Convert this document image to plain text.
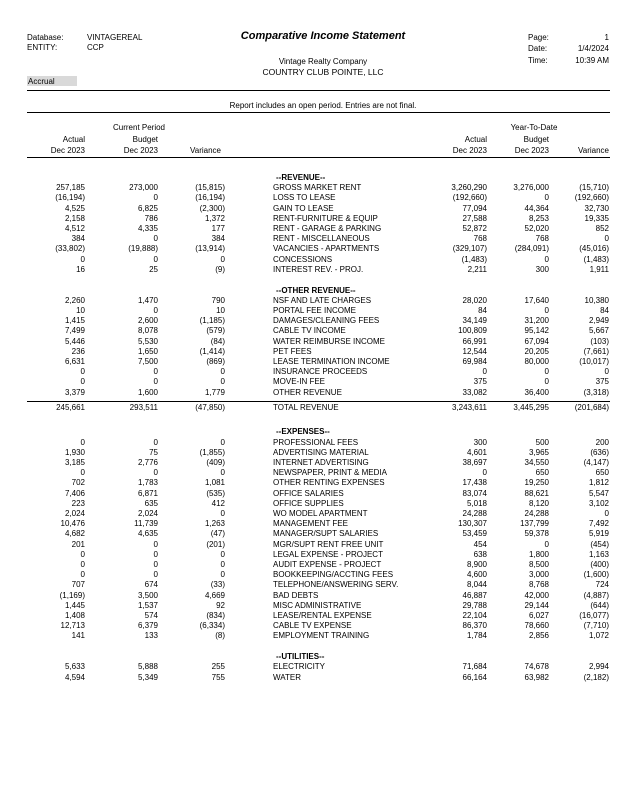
Database:	VINTAGEREAL
ENTITY:	CCP
Comparative Income Statement
Vintage Realty Company
COUNTRY CLUB POINTE, LLC
Page:	1
Date:	1/4/2024
Time:	10:39 AM
Accrual
Report includes an open period. Entries are not final.
Current Period	Year-To-Date
Actual	Budget	Actual	Budget
Dec 2023	Dec 2023	Variance	Dec 2023	Dec 2023	Variance
--REVENUE--
GROSS MARKET RENT
257,185	273,000	(15,815)	3,260,290	3,276,000	(15,710)
LOSS TO LEASE
(16,194)	0	(16,194)	(192,660)	0	(192,660)
GAIN TO LEASE
4,525	6,825	(2,300)	77,094	44,364	32,730
RENT-FURNITURE & EQUIP
2,158	786	1,372	27,588	8,253	19,335
RENT - GARAGE & PARKING
4,512	4,335	177	52,872	52,020	852
RENT - MISCELLANEOUS
384	0	384	768	768	0
VACANCIES - APARTMENTS
(33,802)	(19,888)	(13,914)	(329,107)	(284,091)	(45,016)
CONCESSIONS
0	0	0	(1,483)	0	(1,483)
INTEREST REV. - PROJ.
16	25	(9)	2,211	300	1,911
--OTHER REVENUE--
NSF AND LATE CHARGES
2,260	1,470	790	28,020	17,640	10,380
PORTAL FEE INCOME
10	0	10	84	0	84
DAMAGES/CLEANING FEES
1,415	2,600	(1,185)	34,149	31,200	2,949
CABLE TV INCOME
7,499	8,078	(579)	100,809	95,142	5,667
WATER REIMBURSE INCOME
5,446	5,530	(84)	66,991	67,094	(103)
PET FEES
236	1,650	(1,414)	12,544	20,205	(7,661)
LEASE TERMINATION INCOME
6,631	7,500	(869)	69,984	80,000	(10,017)
INSURANCE PROCEEDS
0	0	0	0	0	0
MOVE-IN FEE
0	0	0	375	0	375
OTHER REVENUE
3,379	1,600	1,779	33,082	36,400	(3,318)
TOTAL REVENUE
245,661	293,511	(47,850)	3,243,611	3,445,295	(201,684)
--EXPENSES--
PROFESSIONAL FEES
0	0	0	300	500	200
ADVERTISING MATERIAL
1,930	75	(1,855)	4,601	3,965	(636)
INTERNET ADVERTISING
3,185	2,776	(409)	38,697	34,550	(4,147)
NEWSPAPER, PRINT & MEDIA
0	0	0	0	650	650
OTHER RENTING EXPENSES
702	1,783	1,081	17,438	19,250	1,812
OFFICE SALARIES
7,406	6,871	(535)	83,074	88,621	5,547
OFFICE SUPPLIES
223	635	412	5,018	8,120	3,102
WO MODEL APARTMENT
2,024	2,024	0	24,288	24,288	0
MANAGEMENT FEE
10,476	11,739	1,263	130,307	137,799	7,492
MANAGER/SUPT SALARIES
4,682	4,635	(47)	53,459	59,378	5,919
MGR/SUPT RENT FREE UNIT
201	0	(201)	454	0	(454)
LEGAL EXPENSE - PROJECT
0	0	0	638	1,800	1,163
AUDIT EXPENSE - PROJECT
0	0	0	8,900	8,500	(400)
BOOKKEEPING/ACCTING FEES
0	0	0	4,600	3,000	(1,600)
TELEPHONE/ANSWERING SERV.
707	674	(33)	8,044	8,768	724
BAD DEBTS
(1,169)	3,500	4,669	46,887	42,000	(4,887)
MISC ADMINISTRATIVE
1,445	1,537	92	29,788	29,144	(644)
LEASE/RENTAL EXPENSE
1,408	574	(834)	22,104	6,027	(16,077)
CABLE TV EXPENSE
12,713	6,379	(6,334)	86,370	78,660	(7,710)
EMPLOYMENT TRAINING
141	133	(8)	1,784	2,856	1,072
--UTILITIES--
ELECTRICITY
5,633	5,888	255	71,684	74,678	2,994
WATER
4,594	5,349	755	66,164	63,982	(2,182)
